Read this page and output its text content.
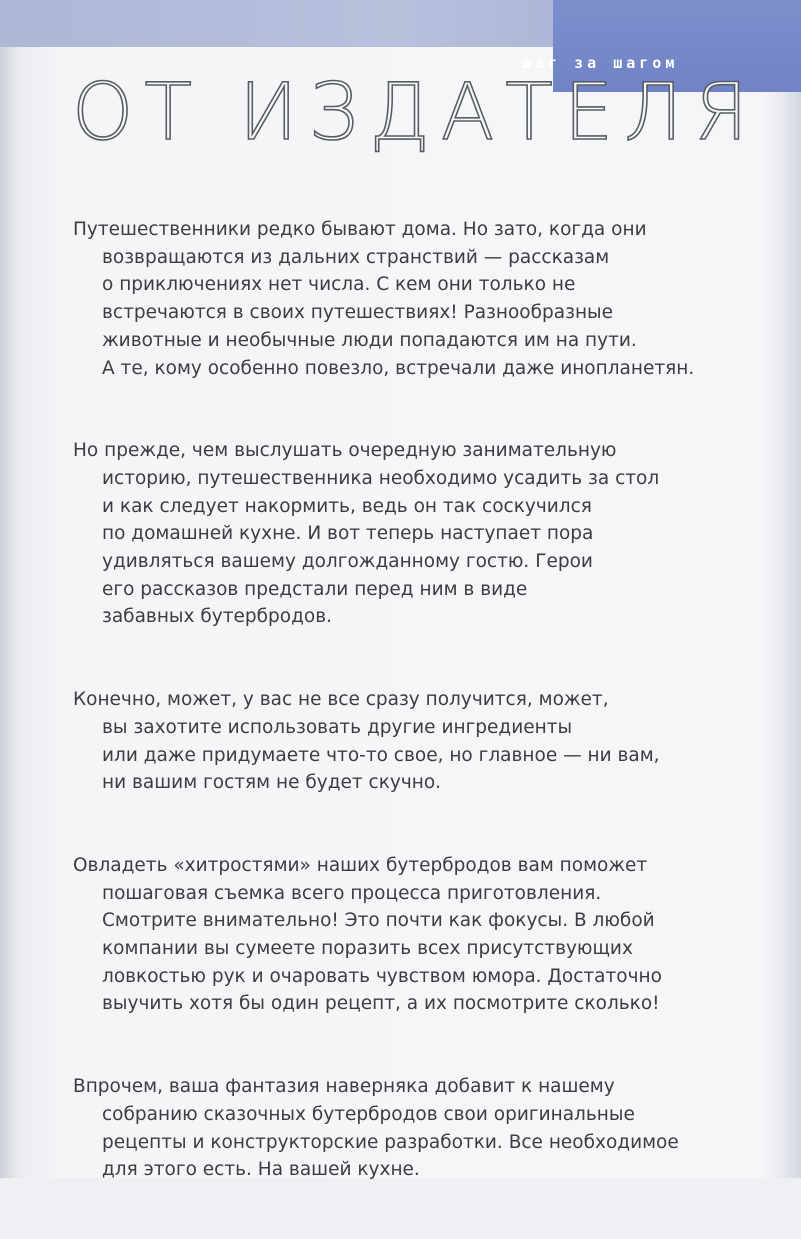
шаг за шагом
ОТ ИЗДАТЕЛЯ

Путешественники редко бывают дома. Но зато, когда они
возвращаются из дальних странствий — рассказам
о приключениях нет числа. С кем они только не
встречаются в своих путешествиях! Разнообразные
животные и необычные люди попадаются им на пути.
А те, кому особенно повезло, встречали даже инопланетян.

Но прежде, чем выслушать очередную занимательную
историю, путешественника необходимо усадить за стол
и как следует накормить, ведь он так соскучился
по домашней кухне. И вот теперь наступает пора
удивляться вашему долгожданному гостю. Герои
его рассказов предстали перед ним в виде
забавных бутербродов.

Конечно, может, у вас не все сразу получится, может,
вы захотите использовать другие ингредиенты
или даже придумаете что-то свое, но главное — ни вам,
ни вашим гостям не будет скучно.

Овладеть «хитростями» наших бутербродов вам поможет
пошаговая съемка всего процесса приготовления.
Смотрите внимательно! Это почти как фокусы. В любой
компании вы сумеете поразить всех присутствующих
ловкостью рук и очаровать чувством юмора. Достаточно
выучить хотя бы один рецепт, а их посмотрите сколько!

Впрочем, ваша фантазия наверняка добавит к нашему
собранию сказочных бутербродов свои оригинальные
рецепты и конструкторские разработки. Все необходимое
для этого есть. На вашей кухне.
